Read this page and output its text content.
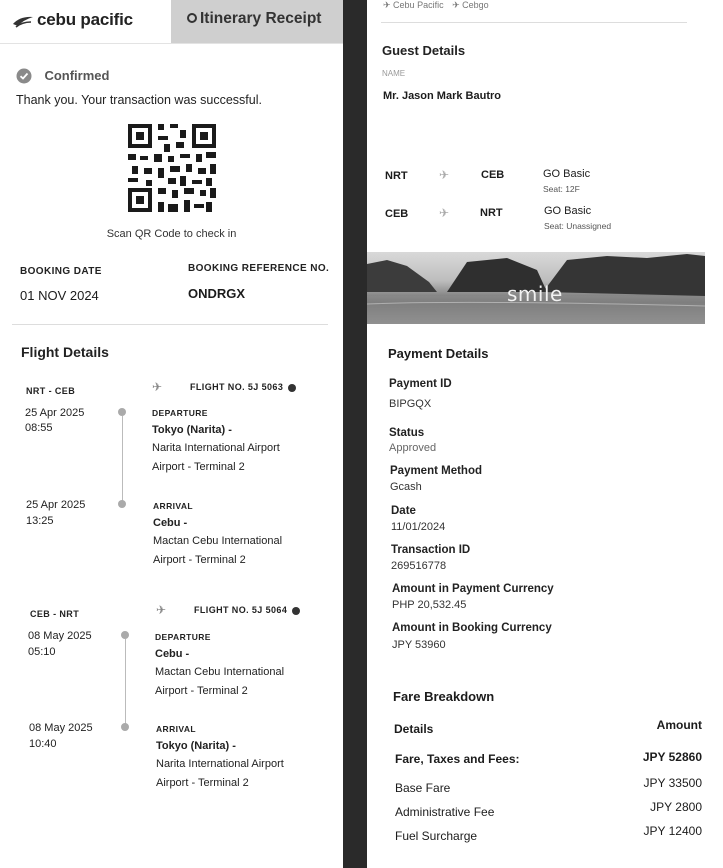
cebu pacific	Itinerary Receipt
Confirmed
Thank you. Your transaction was successful.
Scan QR Code to check in
BOOKING DATE
01 NOV 2024
BOOKING REFERENCE NO.
ONDRGX
Flight Details
NRT - CEB	✈	FLIGHT NO. 5J 5063
25 Apr 2025
08:55
DEPARTURE
Tokyo (Narita) -
Narita International Airport
Airport - Terminal 2
25 Apr 2025
13:25
ARRIVAL
Cebu -
Mactan Cebu International
Airport - Terminal 2
CEB - NRT	✈	FLIGHT NO. 5J 5064
08 May 2025
05:10
DEPARTURE
Cebu -
Mactan Cebu International
Airport - Terminal 2
08 May 2025
10:40
ARRIVAL
Tokyo (Narita) -
Narita International Airport
Airport - Terminal 2
✈ Cebu Pacific ✈ Cebgo
Guest Details
NAME
Mr. Jason Mark Bautro
NRT	✈	CEB	GO Basic
Seat: 12F
CEB	✈	NRT	GO Basic
Seat: Unassigned
smile
Payment Details
Payment ID
BIPGQX
Status
Approved
Payment Method
Gcash
Date
11/01/2024
Transaction ID
269516778
Amount in Payment Currency
PHP 20,532.45
Amount in Booking Currency
JPY 53960
Fare Breakdown
Details	Amount
Fare, Taxes and Fees:	JPY 52860
Base Fare	JPY 33500
Administrative Fee	JPY 2800
Fuel Surcharge	JPY 12400
